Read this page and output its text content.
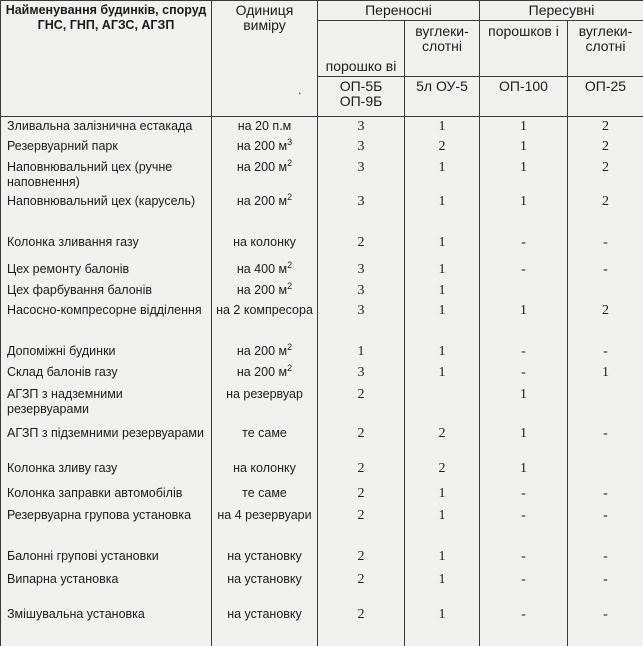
Найменування будинків, споруд ГНС, ГНП, АГЗС, АГЗП	Одиниця виміру	Переносні		Пересувні	
		порошко ві	вуглеки-слотні	порошков і	вуглеки-слотні
		ОП-5Б ОП-9Б	5л ОУ-5	ОП-100	ОП-25
Зливальна залізнична естакада	на 20 п.м	3	1	1	2
Резервуарний парк	на 200 $м^3$	3	2	1	2
Наповнювальний цех (ручне наповнення)	на 200 $м^2$	3	1	1	2
Наповнювальний цех (карусель)	на 200 $м^2$	3	1	1	2
Колонка зливання газу	на колонку	2	1	-	-
Цех ремонту балонів	на 400 $м^2$	3	1	-	-
Цех фарбування балонів	на 200 $м^2$	3	1		
Насосно-компресорне відділення	на 2 компресора	3	1	1	2
Допоміжні будинки	на 200 $м^2$	1	1	-	-
Склад балонів газу	на 200 $м^2$	3	1	-	1
АГЗП з надземними резервуарами	на резервуар	2		1	
АГЗП з підземними резервуарами	те саме	2	2	1	-
Колонка зливу газу	на колонку	2	2	1	
Колонка заправки автомобілів	те саме	2	1	-	-
Резервуарна групова установка	на 4 резервуари	2	1	-	-
Балонні групові установки	на установку	2	1	-	-
Випарна установка	на установку	2	1	-	-
Змішувальна установка	на установку	2	1	-	-
.
